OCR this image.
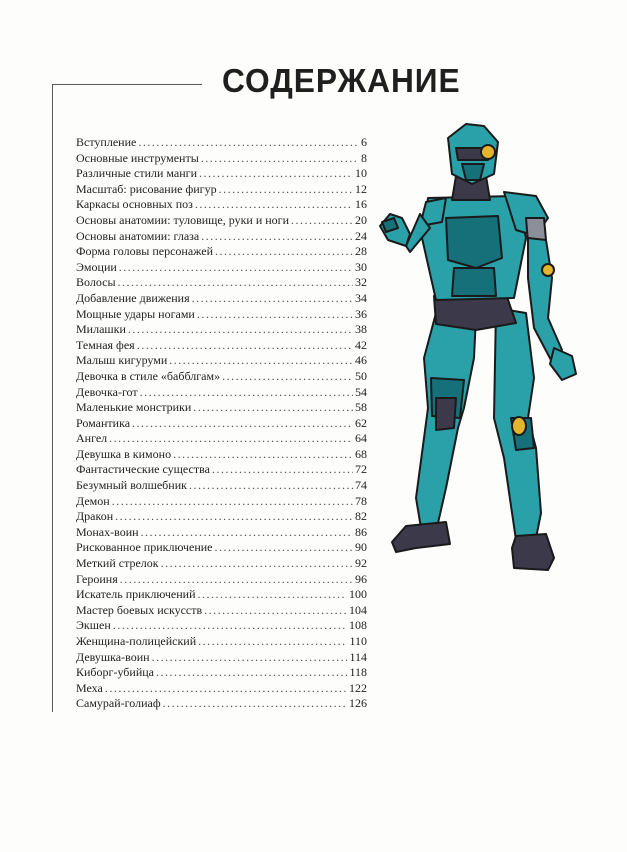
СОДЕРЖАНИЕ
Вступление .....	6
Основные инструменты .....	8
Различные стили манги .....	10
Масштаб: рисование фигур .....	12
Каркасы основных поз .....	16
Основы анатомии: туловище, руки и ноги .....	20
Основы анатомии: глаза .....	24
Форма головы персонажей .....	28
Эмоции .....	30
Волосы .....	32
Добавление движения .....	34
Мощные удары ногами .....	36
Милашки .....	38
Темная фея .....	42
Малыш кигуруми .....	46
Девочка в стиле «бабблгам» .....	50
Девочка-гот .....	54
Маленькие монстрики .....	58
Романтика .....	62
Ангел .....	64
Девушка в кимоно .....	68
Фантастические существа .....	72
Безумный волшебник .....	74
Демон .....	78
Дракон .....	82
Монах-воин .....	86
Рискованное приключение .....	90
Меткий стрелок .....	92
Героиня .....	96
Искатель приключений .....	100
Мастер боевых искусств .....	104
Экшен .....	108
Женщина-полицейский .....	110
Девушка-воин .....	114
Киборг-убийца .....	118
Меха .....	122
Самурай-голиаф .....	126
